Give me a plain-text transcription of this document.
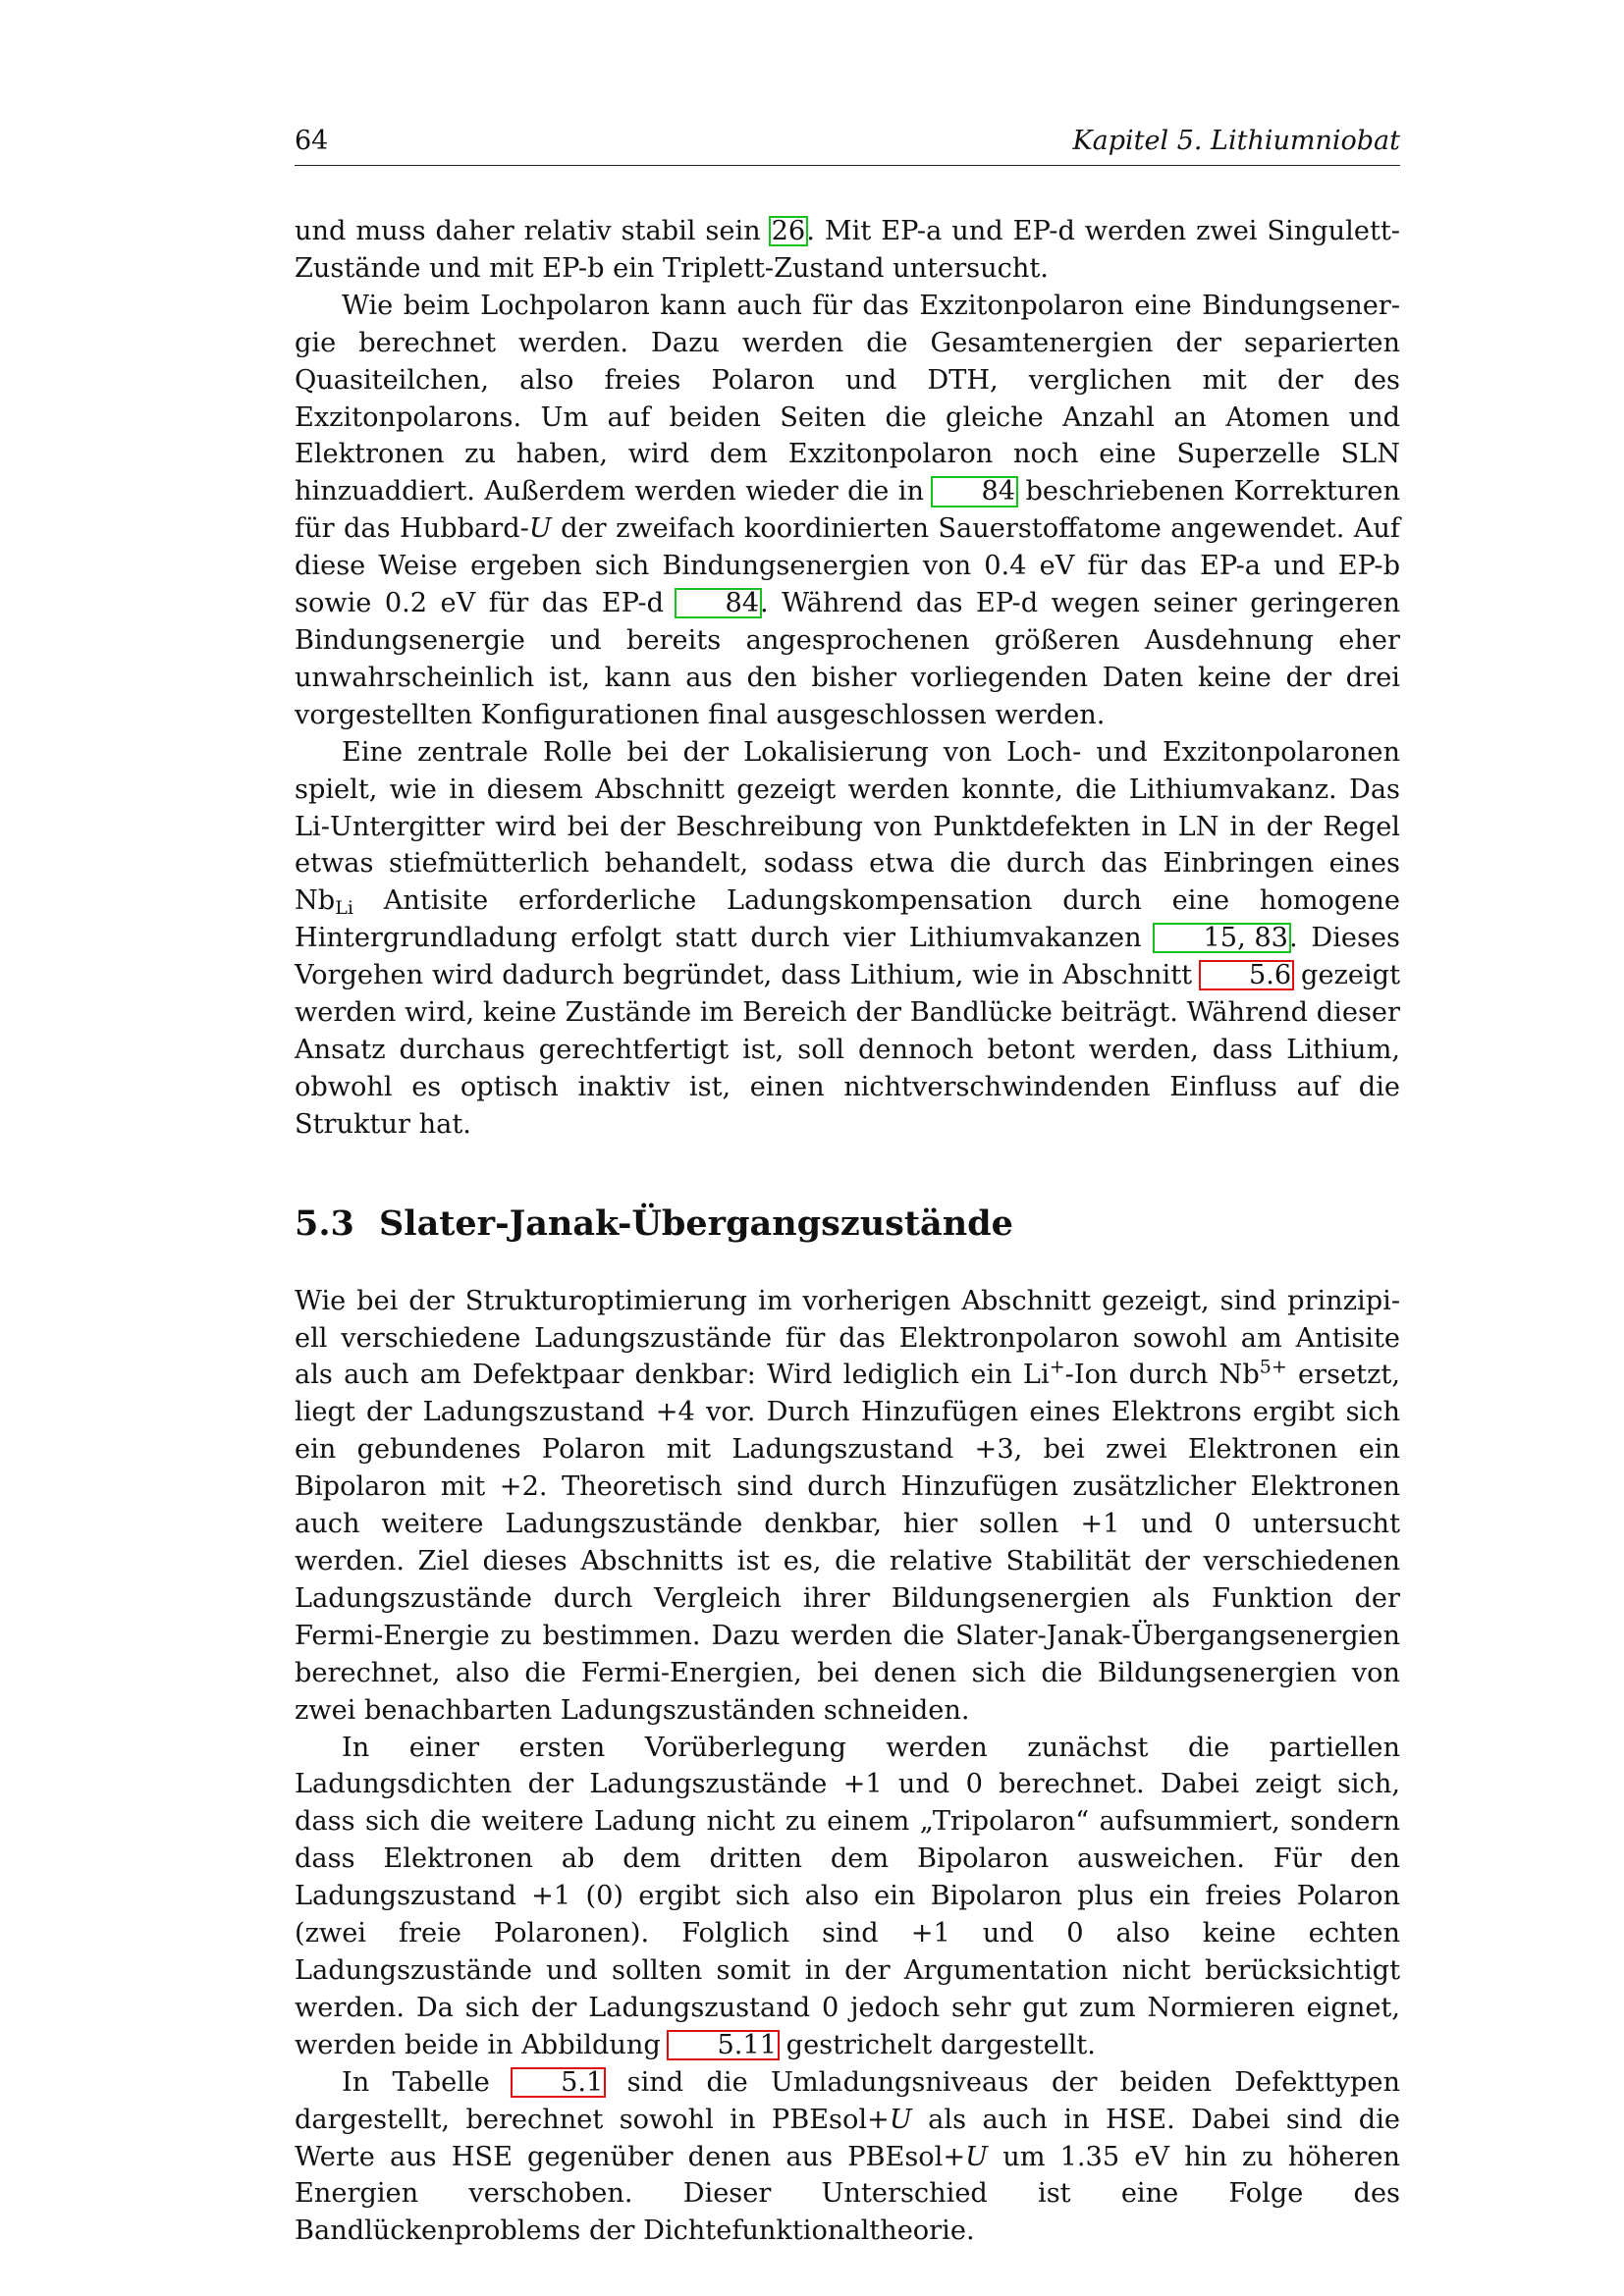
64	Kapitel 5. Lithiumniobat

und muss daher relativ stabil sein 26. Mit EP-a und EP-d werden zwei Singulett-Zustände und mit EP-b ein Triplett-Zustand untersucht.

Wie beim Lochpolaron kann auch für das Exzitonpolaron eine Bindungsenergie berechnet werden. Dazu werden die Gesamtenergien der separierten Quasiteilchen, also freies Polaron und DTH, verglichen mit der des Exzitonpolarons. Um auf beiden Seiten die gleiche Anzahl an Atomen und Elektronen zu haben, wird dem Exzitonpolaron noch eine Superzelle SLN hinzuaddiert. Außerdem werden wieder die in 84 beschriebenen Korrekturen für das Hubbard-U der zweifach koordinierten Sauerstoffatome angewendet. Auf diese Weise ergeben sich Bindungsenergien von 0.4 eV für das EP-a und EP-b sowie 0.2 eV für das EP-d 84. Während das EP-d wegen seiner geringeren Bindungsenergie und bereits angesprochenen größeren Ausdehnung eher unwahrscheinlich ist, kann aus den bisher vorliegenden Daten keine der drei vorgestellten Konfigurationen final ausgeschlossen werden.

Eine zentrale Rolle bei der Lokalisierung von Loch- und Exzitonpolaronen spielt, wie in diesem Abschnitt gezeigt werden konnte, die Lithiumvakanz. Das Li-Untergitter wird bei der Beschreibung von Punktdefekten in LN in der Regel etwas stiefmütterlich behandelt, sodass etwa die durch das Einbringen eines $Nb_{Li}$ Antisite erforderliche Ladungskompensation durch eine homogene Hintergrundladung erfolgt statt durch vier Lithiumvakanzen 15, 83. Dieses Vorgehen wird dadurch begründet, dass Lithium, wie in Abschnitt 5.6 gezeigt werden wird, keine Zustände im Bereich der Bandlücke beiträgt. Während dieser Ansatz durchaus gerechtfertigt ist, soll dennoch betont werden, dass Lithium, obwohl es optisch inaktiv ist, einen nichtverschwindenden Einfluss auf die Struktur hat.

5.3 Slater-Janak-Übergangszustände

Wie bei der Strukturoptimierung im vorherigen Abschnitt gezeigt, sind prinzipiell verschiedene Ladungszustände für das Elektronpolaron sowohl am Antisite als auch am Defektpaar denkbar: Wird lediglich ein Li+-Ion durch $Nb^{5+}$ ersetzt, liegt der Ladungszustand +4 vor. Durch Hinzufügen eines Elektrons ergibt sich ein gebundenes Polaron mit Ladungszustand +3, bei zwei Elektronen ein Bipolaron mit +2. Theoretisch sind durch Hinzufügen zusätzlicher Elektronen auch weitere Ladungszustände denkbar, hier sollen +1 und 0 untersucht werden. Ziel dieses Abschnitts ist es, die relative Stabilität der verschiedenen Ladungszustände durch Vergleich ihrer Bildungsenergien als Funktion der Fermi-Energie zu bestimmen. Dazu werden die Slater-Janak-Übergangsenergien berechnet, also die Fermi-Energien, bei denen sich die Bildungsenergien von zwei benachbarten Ladungszuständen schneiden.

In einer ersten Vorüberlegung werden zunächst die partiellen Ladungsdichten der Ladungszustände +1 und 0 berechnet. Dabei zeigt sich, dass sich die weitere Ladung nicht zu einem „Tripolaron“ aufsummiert, sondern dass Elektronen ab dem dritten dem Bipolaron ausweichen. Für den Ladungszustand +1 (0) ergibt sich also ein Bipolaron plus ein freies Polaron (zwei freie Polaronen). Folglich sind +1 und 0 also keine echten Ladungszustände und sollten somit in der Argumentation nicht berücksichtigt werden. Da sich der Ladungszustand 0 jedoch sehr gut zum Normieren eignet, werden beide in Abbildung 5.11 gestrichelt dargestellt.

In Tabelle 5.1 sind die Umladungsniveaus der beiden Defekttypen dargestellt, berechnet sowohl in PBEsol+U als auch in HSE. Dabei sind die Werte aus HSE gegenüber denen aus PBEsol+U um 1.35 eV hin zu höheren Energien verschoben. Dieser Unterschied ist eine Folge des Bandlückenproblems der Dichtefunktionaltheorie.
